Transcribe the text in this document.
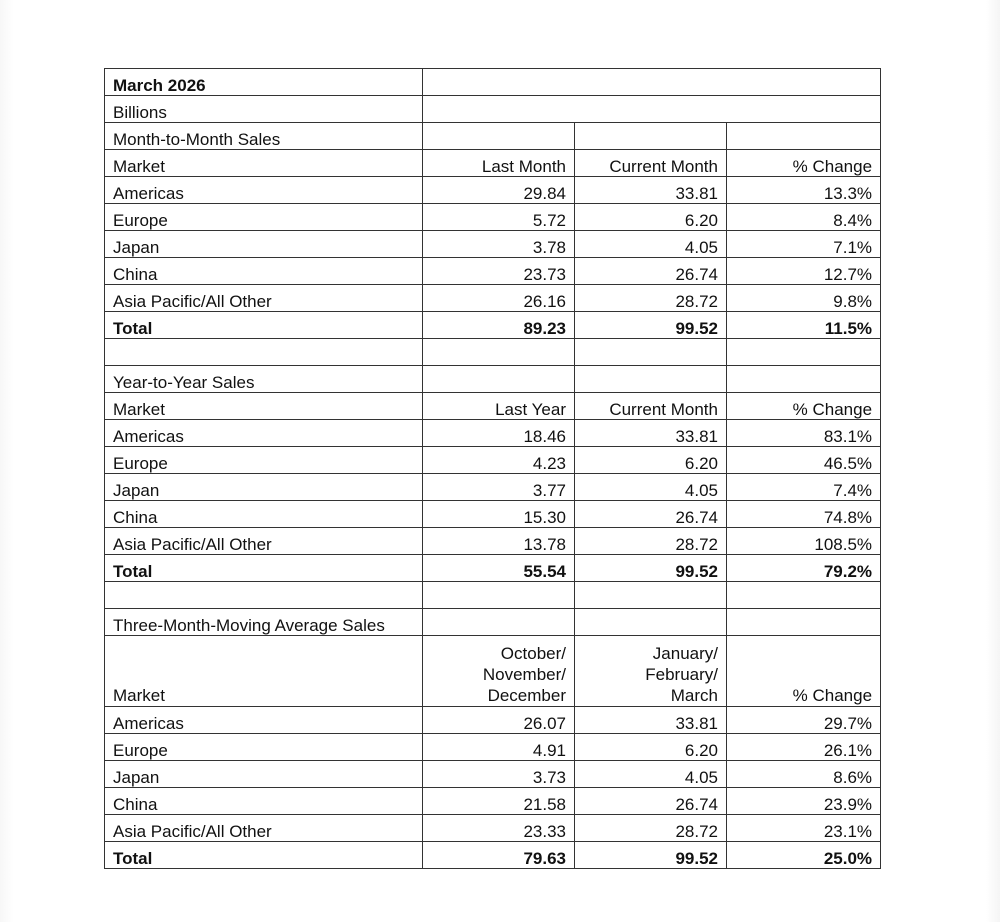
March 2026			
Billions			
Month-to-Month Sales			
Market	Last Month	Current Month	% Change
Americas	29.84	33.81	13.3%
Europe	5.72	6.20	8.4%
Japan	3.78	4.05	7.1%
China	23.73	26.74	12.7%
Asia Pacific/All Other	26.16	28.72	9.8%
Total	89.23	99.52	11.5%

Year-to-Year Sales			
Market	Last Year	Current Month	% Change
Americas	18.46	33.81	83.1%
Europe	4.23	6.20	46.5%
Japan	3.77	4.05	7.4%
China	15.30	26.74	74.8%
Asia Pacific/All Other	13.78	28.72	108.5%
Total	55.54	99.52	79.2%

Three-Month-Moving Average Sales			
Market	October/
November/
December	January/
February/
March	% Change
Americas	26.07	33.81	29.7%
Europe	4.91	6.20	26.1%
Japan	3.73	4.05	8.6%
China	21.58	26.74	23.9%
Asia Pacific/All Other	23.33	28.72	23.1%
Total	79.63	99.52	25.0%
